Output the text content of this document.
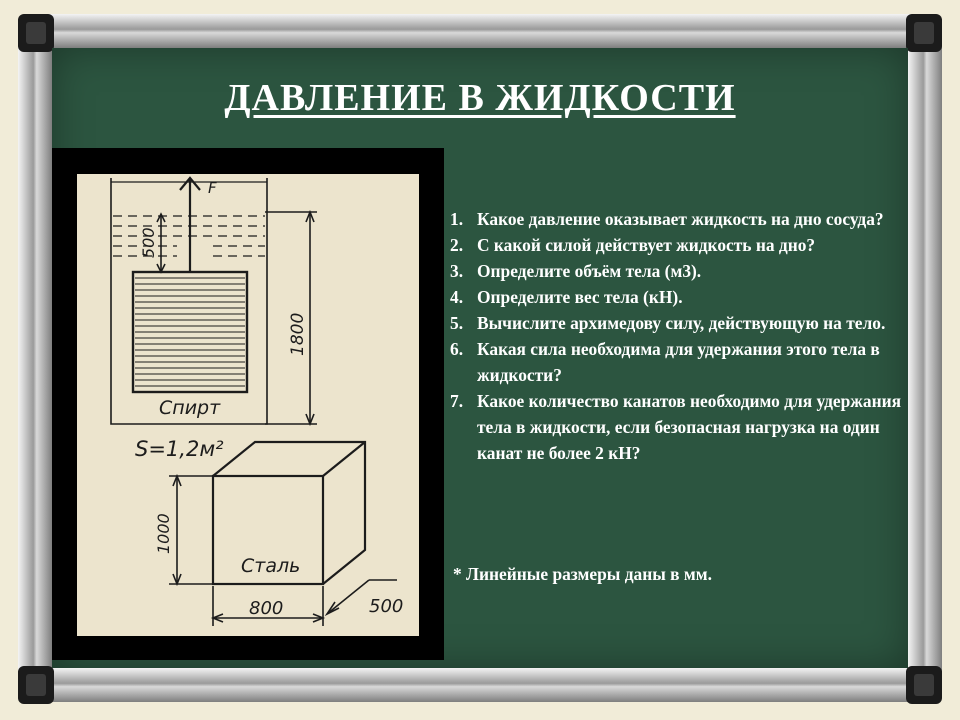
ДАВЛЕНИЕ В ЖИДКОСТИ
F
500
1800
Спирт
S=1,2м²
1000
Сталь
800	500
1. Какое давление оказывает жидкость на дно сосуда?
2. С какой силой действует жидкость на дно?
3. Определите объём тела (м3).
4. Определите вес тела (кН).
5. Вычислите архимедову силу, действующую на тело.
6. Какая сила необходима для удержания этого тела в жидкости?
7. Какое количество канатов необходимо для удержания тела в жидкости, если безопасная нагрузка на один канат не более 2 кН?
* Линейные размеры даны в мм.
